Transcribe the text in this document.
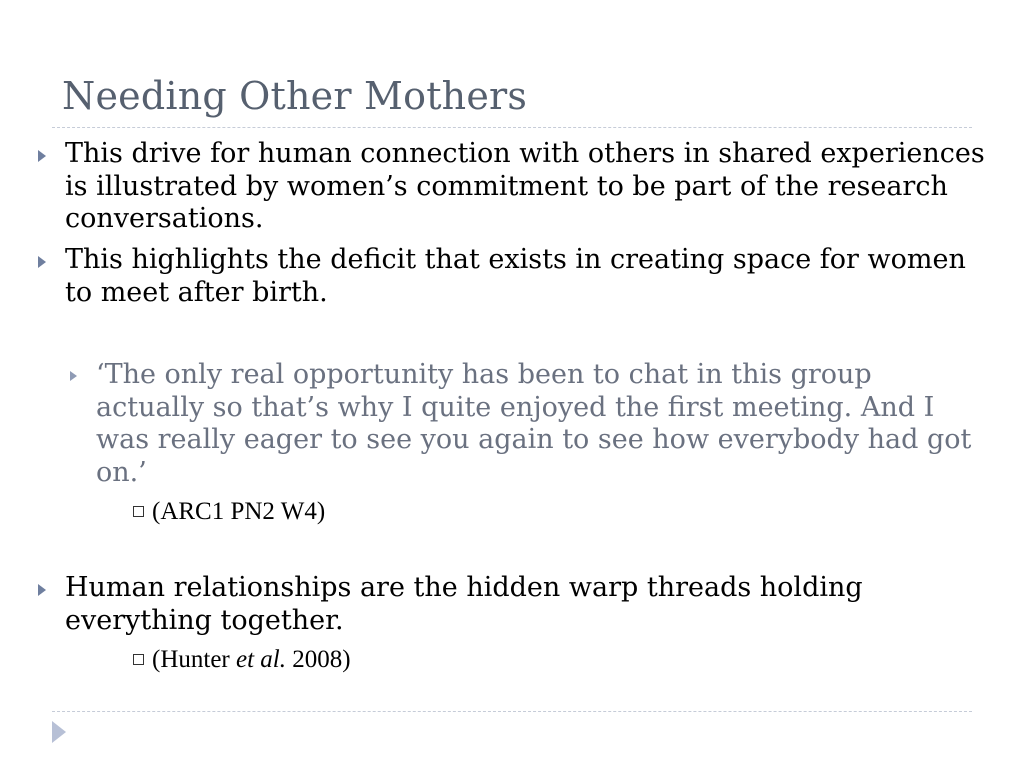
Needing Other Mothers
This drive for human connection with others in shared experiences is illustrated by women’s commitment to be part of the research conversations.
This highlights the deficit that exists in creating space for women to meet after birth.
‘The only real opportunity has been to chat in this group actually so that’s why I quite enjoyed the first meeting. And I was really eager to see you again to see how everybody had got on.’
(ARC1 PN2 W4)
Human relationships are the hidden warp threads holding everything together.
(Hunter et al. 2008)
